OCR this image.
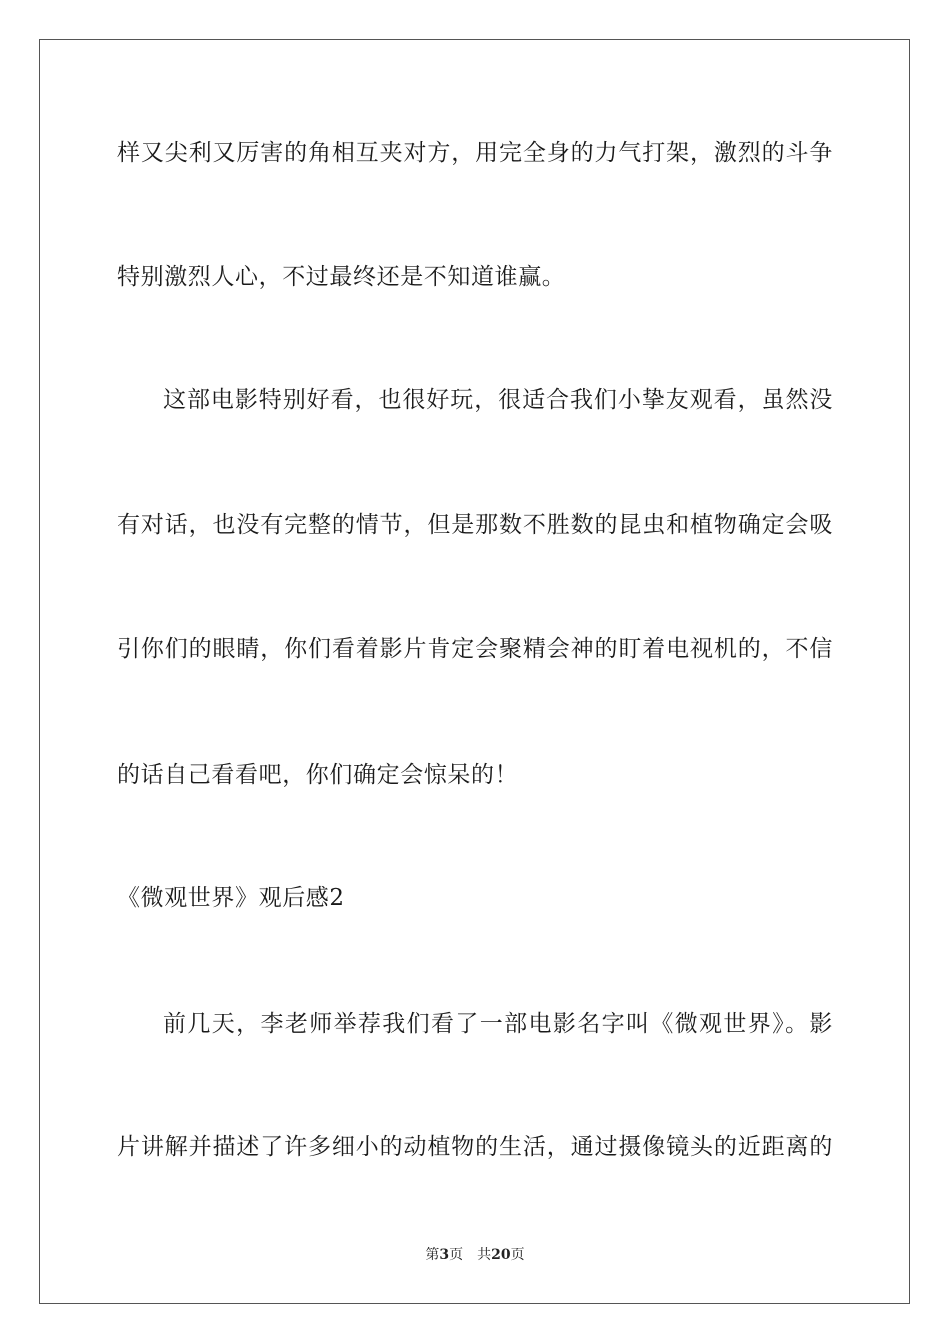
样又尖利又厉害的角相互夹对方，用完全身的力气打架，激烈的斗争
特别激烈人心，不过最终还是不知道谁赢。
这部电影特别好看，也很好玩，很适合我们小挚友观看，虽然没
有对话，也没有完整的情节，但是那数不胜数的昆虫和植物确定会吸
引你们的眼睛，你们看着影片肯定会聚精会神的盯着电视机的，不信
的话自己看看吧，你们确定会惊呆的！
《微观世界》观后感2
前几天，李老师举荐我们看了一部电影名字叫《微观世界》。影
片讲解并描述了许多细小的动植物的生活，通过摄像镜头的近距离的
第3页 共20页
